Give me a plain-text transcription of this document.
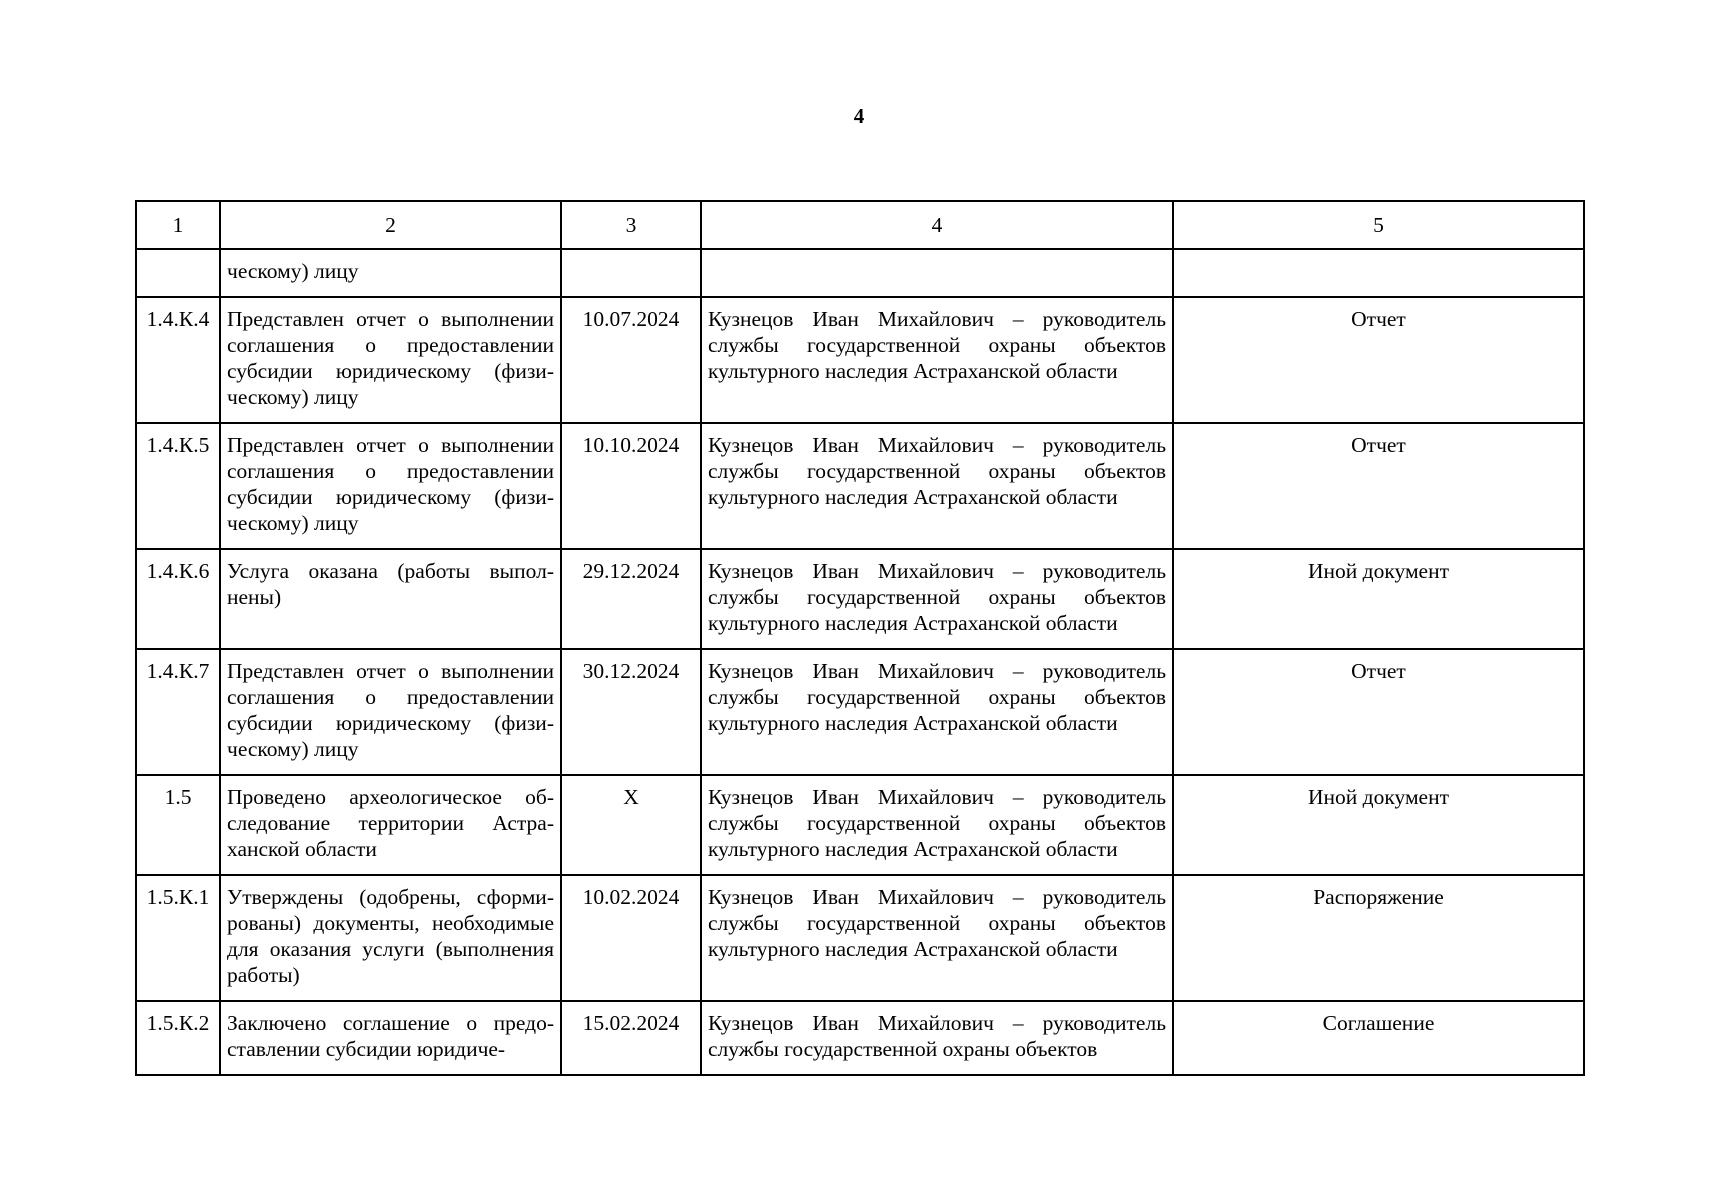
4
1	2	3	4	5
	ческому) лицу			
1.4.К.4	Представлен отчет о выполнении соглашения о предоставлении субсидии юридическому (физическому) лицу	10.07.2024	Кузнецов Иван Михайлович – руководитель службы государственной охраны объектов культурного наследия Астраханской области	Отчет
1.4.К.5	Представлен отчет о выполнении соглашения о предоставлении субсидии юридическому (физическому) лицу	10.10.2024	Кузнецов Иван Михайлович – руководитель службы государственной охраны объектов культурного наследия Астраханской области	Отчет
1.4.К.6	Услуга оказана (работы выполнены)	29.12.2024	Кузнецов Иван Михайлович – руководитель службы государственной охраны объектов культурного наследия Астраханской области	Иной документ
1.4.К.7	Представлен отчет о выполнении соглашения о предоставлении субсидии юридическому (физическому) лицу	30.12.2024	Кузнецов Иван Михайлович – руководитель службы государственной охраны объектов культурного наследия Астраханской области	Отчет
1.5	Проведено археологическое обследование территории Астраханской области	X	Кузнецов Иван Михайлович – руководитель службы государственной охраны объектов культурного наследия Астраханской области	Иной документ
1.5.К.1	Утверждены (одобрены, сформированы) документы, необходимые для оказания услуги (выполнения работы)	10.02.2024	Кузнецов Иван Михайлович – руководитель службы государственной охраны объектов культурного наследия Астраханской области	Распоряжение
1.5.К.2	Заключено соглашение о предоставлении субсидии юридиче-	15.02.2024	Кузнецов Иван Михайлович – руководитель службы государственной охраны объектов	Соглашение
